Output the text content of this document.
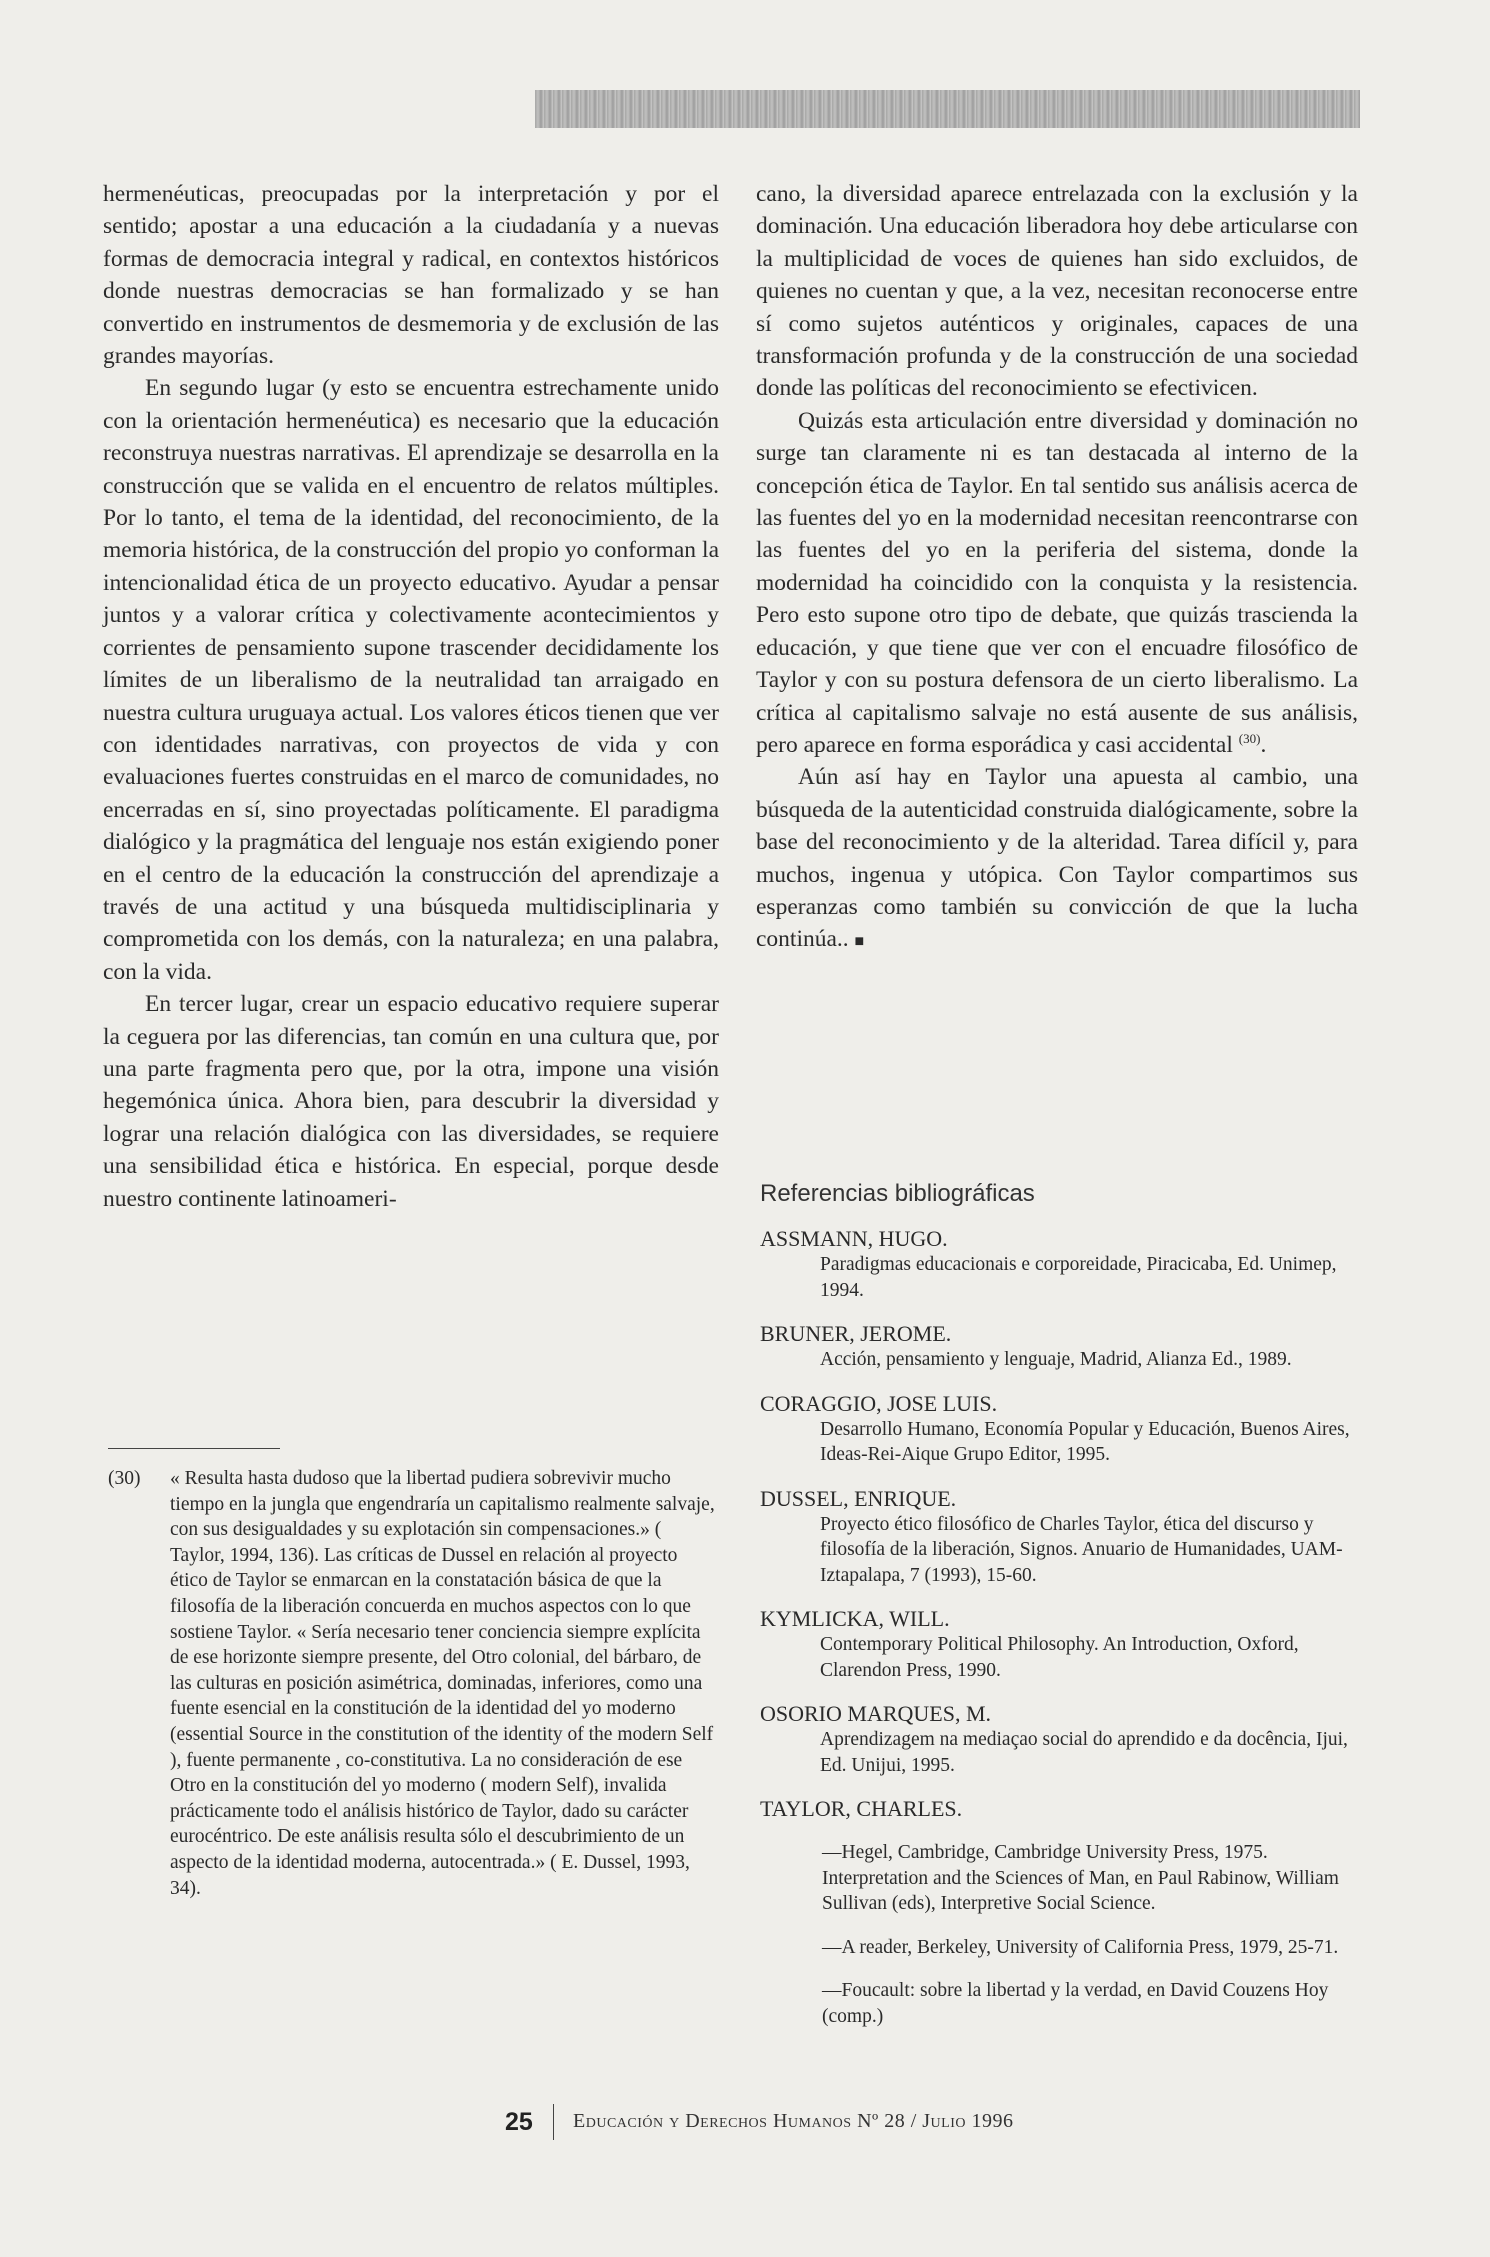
hermenéuticas, preocupadas por la interpretación y por el sentido; apostar a una educación a la ciudadanía y a nuevas formas de democracia integral y radical, en contextos históricos donde nuestras democracias se han formalizado y se han convertido en instrumentos de desmemoria y de exclusión de las grandes mayorías.

En segundo lugar (y esto se encuentra estrechamente unido con la orientación hermenéutica) es necesario que la educación reconstruya nuestras narrativas. El aprendizaje se desarrolla en la construcción que se valida en el encuentro de relatos múltiples. Por lo tanto, el tema de la identidad, del reconocimiento, de la memoria histórica, de la construcción del propio yo conforman la intencionalidad ética de un proyecto educativo. Ayudar a pensar juntos y a valorar crítica y colectivamente acontecimientos y corrientes de pensamiento supone trascender decididamente los límites de un liberalismo de la neutralidad tan arraigado en nuestra cultura uruguaya actual. Los valores éticos tienen que ver con identidades narrativas, con proyectos de vida y con evaluaciones fuertes construidas en el marco de comunidades, no encerradas en sí, sino proyectadas políticamente. El paradigma dialógico y la pragmática del lenguaje nos están exigiendo poner en el centro de la educación la construcción del aprendizaje a través de una actitud y una búsqueda multidisciplinaria y comprometida con los demás, con la naturaleza; en una palabra, con la vida.

En tercer lugar, crear un espacio educativo requiere superar la ceguera por las diferencias, tan común en una cultura que, por una parte fragmenta pero que, por la otra, impone una visión hegemónica única. Ahora bien, para descubrir la diversidad y lograr una relación dialógica con las diversidades, se requiere una sensibilidad ética e histórica. En especial, porque desde nuestro continente latinoameri-

cano, la diversidad aparece entrelazada con la exclusión y la dominación. Una educación liberadora hoy debe articularse con la multiplicidad de voces de quienes han sido excluidos, de quienes no cuentan y que, a la vez, necesitan reconocerse entre sí como sujetos auténticos y originales, capaces de una transformación profunda y de la construcción de una sociedad donde las políticas del reconocimiento se efectivicen.

Quizás esta articulación entre diversidad y dominación no surge tan claramente ni es tan destacada al interno de la concepción ética de Taylor. En tal sentido sus análisis acerca de las fuentes del yo en la modernidad necesitan reencontrarse con las fuentes del yo en la periferia del sistema, donde la modernidad ha coincidido con la conquista y la resistencia. Pero esto supone otro tipo de debate, que quizás trascienda la educación, y que tiene que ver con el encuadre filosófico de Taylor y con su postura defensora de un cierto liberalismo. La crítica al capitalismo salvaje no está ausente de sus análisis, pero aparece en forma esporádica y casi accidental $^{(30)}$.

Aún así hay en Taylor una apuesta al cambio, una búsqueda de la autenticidad construida dialógicamente, sobre la base del reconocimiento y de la alteridad. Tarea difícil y, para muchos, ingenua y utópica. Con Taylor compartimos sus esperanzas como también su convicción de que la lucha continúa.. ■

(30) « Resulta hasta dudoso que la libertad pudiera sobrevivir mucho tiempo en la jungla que engendraría un capitalismo realmente salvaje, con sus desigualdades y su explotación sin compensaciones.» ( Taylor, 1994, 136). Las críticas de Dussel en relación al proyecto ético de Taylor se enmarcan en la constatación básica de que la filosofía de la liberación concuerda en muchos aspectos con lo que sostiene Taylor. « Sería necesario tener conciencia siempre explícita de ese horizonte siempre presente, del Otro colonial, del bárbaro, de las culturas en posición asimétrica, dominadas, inferiores, como una fuente esencial en la constitución de la identidad del yo moderno (essential Source in the constitution of the identity of the modern Self ), fuente permanente , co-constitutiva. La no consideración de ese Otro en la constitución del yo moderno ( modern Self), invalida prácticamente todo el análisis histórico de Taylor, dado su carácter eurocéntrico. De este análisis resulta sólo el descubrimiento de un aspecto de la identidad moderna, autocentrada.» ( E. Dussel, 1993, 34).
Referencias bibliográficas
ASSMANN, HUGO.
Paradigmas educacionais e corporeidade, Piracicaba, Ed. Unimep, 1994.
BRUNER, JEROME.
Acción, pensamiento y lenguaje, Madrid, Alianza Ed., 1989.
CORAGGIO, JOSE LUIS.
Desarrollo Humano, Economía Popular y Educación, Buenos Aires, Ideas-Rei-Aique Grupo Editor, 1995.
DUSSEL, ENRIQUE.
Proyecto ético filosófico de Charles Taylor, ética del discurso y filosofía de la liberación, Signos. Anuario de Humanidades, UAM-Iztapalapa, 7 (1993), 15-60.
KYMLICKA, WILL.
Contemporary Political Philosophy. An Introduction, Oxford, Clarendon Press, 1990.
OSORIO MARQUES, M.
Aprendizagem na mediaçao social do aprendido e da docência, Ijui, Ed. Unijui, 1995.
TAYLOR, CHARLES.
—Hegel, Cambridge, Cambridge University Press, 1975. Interpretation and the Sciences of Man, en Paul Rabinow, William Sullivan (eds), Interpretive Social Science.
—A reader, Berkeley, University of California Press, 1979, 25-71.
—Foucault: sobre la libertad y la verdad, en David Couzens Hoy (comp.)
25 Educación y Derechos Humanos Nº 28 / Julio 1996
